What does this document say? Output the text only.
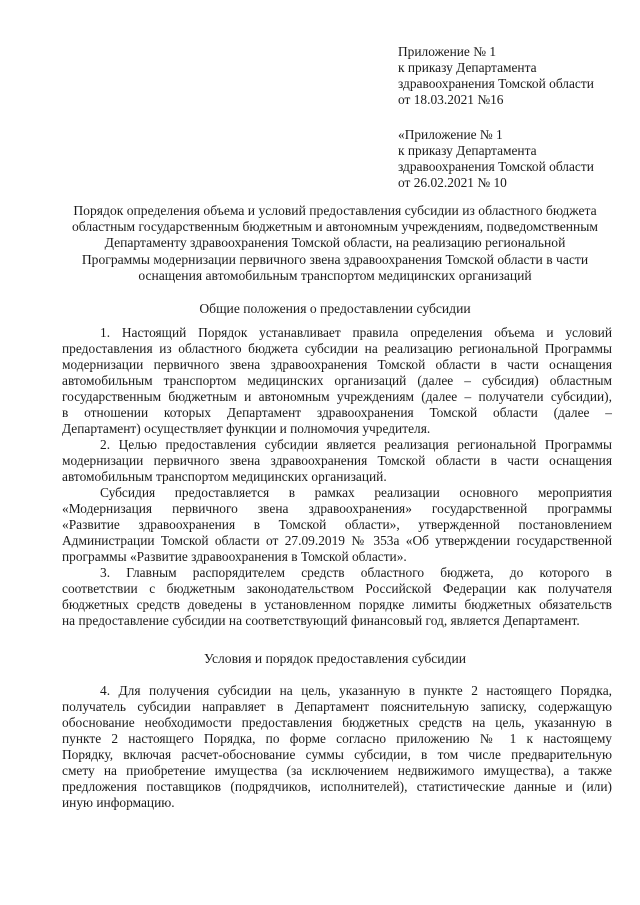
Приложение № 1
к приказу Департамента
здравоохранения Томской области
от 18.03.2021 №16
«Приложение № 1
к приказу Департамента
здравоохранения Томской области
от 26.02.2021 № 10
Порядок определения объема и условий предоставления субсидии из областного бюджета
областным государственным бюджетным и автономным учреждениям, подведомственным
Департаменту здравоохранения Томской области, на реализацию региональной
Программы модернизации первичного звена здравоохранения Томской области в части
оснащения автомобильным транспортом медицинских организаций
Общие положения о предоставлении субсидии
1. Настоящий Порядок устанавливает правила определения объема и условий
предоставления из областного бюджета субсидии на реализацию региональной Программы
модернизации первичного звена здравоохранения Томской области в части оснащения
автомобильным транспортом медицинских организаций (далее – субсидия) областным
государственным бюджетным и автономным учреждениям (далее – получатели субсидии),
в отношении которых Департамент здравоохранения Томской области (далее –
Департамент) осуществляет функции и полномочия учредителя.
2. Целью предоставления субсидии является реализация региональной Программы
модернизации первичного звена здравоохранения Томской области в части оснащения
автомобильным транспортом медицинских организаций.
Субсидия предоставляется в рамках реализации основного мероприятия
«Модернизация первичного звена здравоохранения» государственной программы
«Развитие здравоохранения в Томской области», утвержденной постановлением
Администрации Томской области от 27.09.2019 № 353а «Об утверждении государственной
программы «Развитие здравоохранения в Томской области».
3. Главным распорядителем средств областного бюджета, до которого в
соответствии с бюджетным законодательством Российской Федерации как получателя
бюджетных средств доведены в установленном порядке лимиты бюджетных обязательств
на предоставление субсидии на соответствующий финансовый год, является Департамент.
Условия и порядок предоставления субсидии
4. Для получения субсидии на цель, указанную в пункте 2 настоящего Порядка,
получатель субсидии направляет в Департамент пояснительную записку, содержащую
обоснование необходимости предоставления бюджетных средств на цель, указанную в
пункте 2 настоящего Порядка, по форме согласно приложению № 1 к настоящему
Порядку, включая расчет-обоснование суммы субсидии, в том числе предварительную
смету на приобретение имущества (за исключением недвижимого имущества), а также
предложения поставщиков (подрядчиков, исполнителей), статистические данные и (или)
иную информацию.
